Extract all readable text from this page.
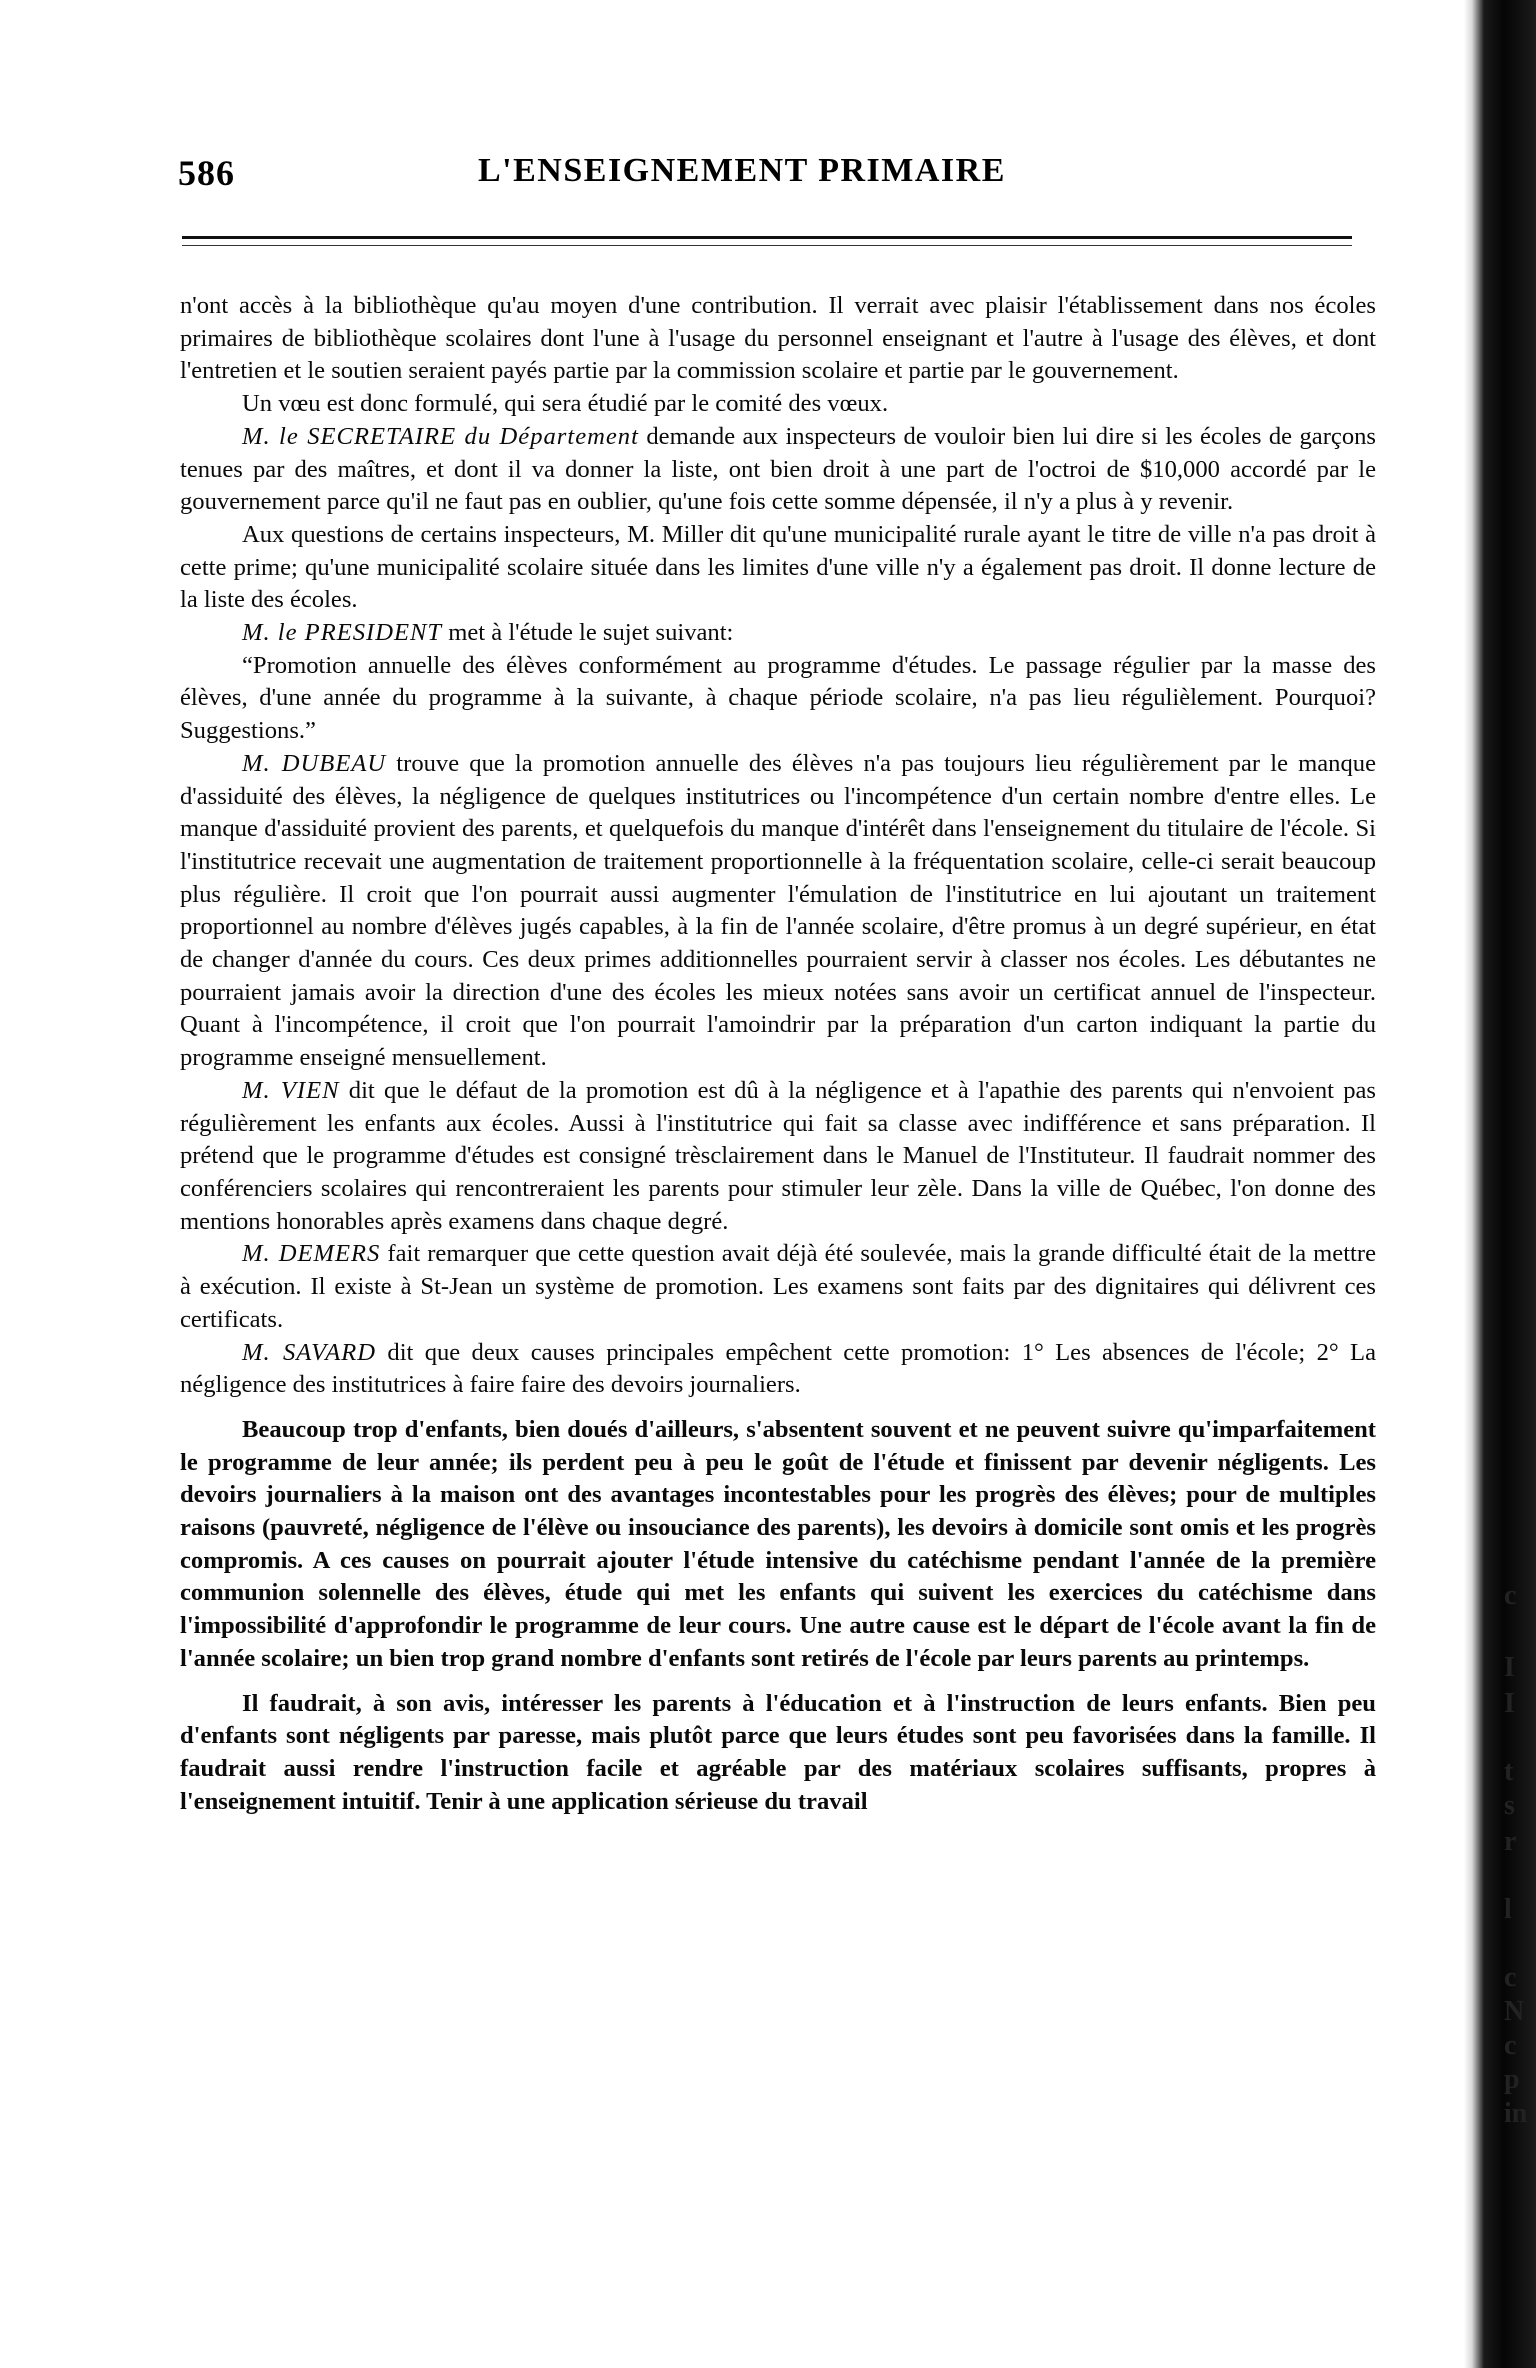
586	L'ENSEIGNEMENT PRIMAIRE

n'ont accès à la bibliothèque qu'au moyen d'une contribution. Il verrait avec plaisir l'établissement dans nos écoles primaires de bibliothèque scolaires dont l'une à l'usage du personnel enseignant et l'autre à l'usage des élèves, et dont l'entretien et le soutien seraient payés partie par la commission scolaire et partie par le gouvernement.

Un vœu est donc formulé, qui sera étudié par le comité des vœux.

M. le SECRETAIRE du Département demande aux inspecteurs de vouloir bien lui dire si les écoles de garçons tenues par des maîtres, et dont il va donner la liste, ont bien droit à une part de l'octroi de $10,000 accordé par le gouvernement parce qu'il ne faut pas en oublier, qu'une fois cette somme dépensée, il n'y a plus à y revenir.

Aux questions de certains inspecteurs, M. Miller dit qu'une municipalité rurale ayant le titre de ville n'a pas droit à cette prime; qu'une municipalité scolaire située dans les limites d'une ville n'y a également pas droit. Il donne lecture de la liste des écoles.

M. le PRESIDENT met à l'étude le sujet suivant:

“Promotion annuelle des élèves conformément au programme d'études. Le passage régulier par la masse des élèves, d'une année du programme à la suivante, à chaque période scolaire, n'a pas lieu régulièlement. Pourquoi? Suggestions.”

M. DUBEAU trouve que la promotion annuelle des élèves n'a pas toujours lieu régulièrement par le manque d'assiduité des élèves, la négligence de quelques institutrices ou l'incompétence d'un certain nombre d'entre elles. Le manque d'assiduité provient des parents, et quelquefois du manque d'intérêt dans l'enseignement du titulaire de l'école. Si l'institutrice recevait une augmentation de traitement proportionnelle à la fréquentation scolaire, celle-ci serait beaucoup plus régulière. Il croit que l'on pourrait aussi augmenter l'émulation de l'institutrice en lui ajoutant un traitement proportionnel au nombre d'élèves jugés capables, à la fin de l'année scolaire, d'être promus à un degré supérieur, en état de changer d'année du cours. Ces deux primes additionnelles pourraient servir à classer nos écoles. Les débutantes ne pourraient jamais avoir la direction d'une des écoles les mieux notées sans avoir un certificat annuel de l'inspecteur. Quant à l'incompétence, il croit que l'on pourrait l'amoindrir par la préparation d'un carton indiquant la partie du programme enseigné mensuellement.

M. VIEN dit que le défaut de la promotion est dû à la négligence et à l'apathie des parents qui n'envoient pas régulièrement les enfants aux écoles. Aussi à l'institutrice qui fait sa classe avec indifférence et sans préparation. Il prétend que le programme d'études est consigné trèsclairement dans le Manuel de l'Instituteur. Il faudrait nommer des conférenciers scolaires qui rencontreraient les parents pour stimuler leur zèle. Dans la ville de Québec, l'on donne des mentions honorables après examens dans chaque degré.

M. DEMERS fait remarquer que cette question avait déjà été soulevée, mais la grande difficulté était de la mettre à exécution. Il existe à St-Jean un système de promotion. Les examens sont faits par des dignitaires qui délivrent ces certificats.

M. SAVARD dit que deux causes principales empêchent cette promotion: 1° Les absences de l'école; 2° La négligence des institutrices à faire faire des devoirs journaliers.

Beaucoup trop d'enfants, bien doués d'ailleurs, s'absentent souvent et ne peuvent suivre qu'imparfaitement le programme de leur année; ils perdent peu à peu le goût de l'étude et finissent par devenir négligents. Les devoirs journaliers à la maison ont des avantages incontestables pour les progrès des élèves; pour de multiples raisons (pauvreté, négligence de l'élève ou insouciance des parents), les devoirs à domicile sont omis et les progrès compromis. A ces causes on pourrait ajouter l'étude intensive du catéchisme pendant l'année de la première communion solennelle des élèves, étude qui met les enfants qui suivent les exercices du catéchisme dans l'impossibilité d'approfondir le programme de leur cours. Une autre cause est le départ de l'école avant la fin de l'année scolaire; un bien trop grand nombre d'enfants sont retirés de l'école par leurs parents au printemps.

Il faudrait, à son avis, intéresser les parents à l'éducation et à l'instruction de leurs enfants. Bien peu d'enfants sont négligents par paresse, mais plutôt parce que leurs études sont peu favorisées dans la famille. Il faudrait aussi rendre l'instruction facile et agréable par des matériaux scolaires suffisants, propres à l'enseignement intuitif. Tenir à une application sérieuse du travail

c
I
I
t
s
r
l
c
N
c
p
in
